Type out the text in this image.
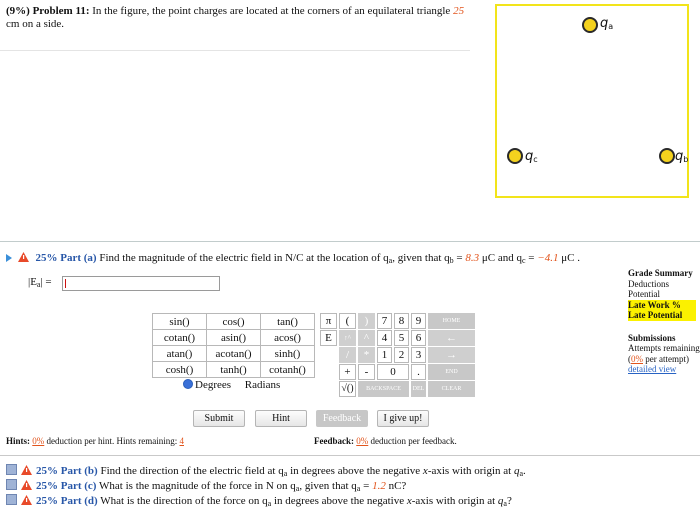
(9%) Problem 11: In the figure, the point charges are located at the corners of an equilateral triangle 25 cm on a side.	qa
qb
qc
25% Part (a) Find the magnitude of the electric field in N/C at the location of $q_a$, given that $q_b = 8.3$ μC and $q_c = -4.1$ μC .
$|E_a|$ =
sin()	cos()	tan()
cotan()	asin()	acos()
atan()	acotan()	sinh()
cosh()	tanh()	cotanh()
Degrees Radians
π	(	)	7	8	9	HOME
E	↑^	^	4	5	6	←
/	*	1	2	3	→
+	-	0	.	END
√()	BACKSPACE	DEL	CLEAR
Submit	Hint	Feedback	I give up!
Hints: 0% deduction per hint. Hints remaining: 4	Feedback: 0% deduction per feedback.
Grade Summary
Deductions
Potential
Late Work %
Late Potential
Submissions
Attempts remaining
(0% per attempt)
detailed view
25% Part (b) Find the direction of the electric field at $q_a$ in degrees above the negative x-axis with origin at $q_a$.
25% Part (c) What is the magnitude of the force in N on $q_a$, given that $q_a = 1.2$ nC?
25% Part (d) What is the direction of the force on $q_a$ in degrees above the negative x-axis with origin at $q_a$?
